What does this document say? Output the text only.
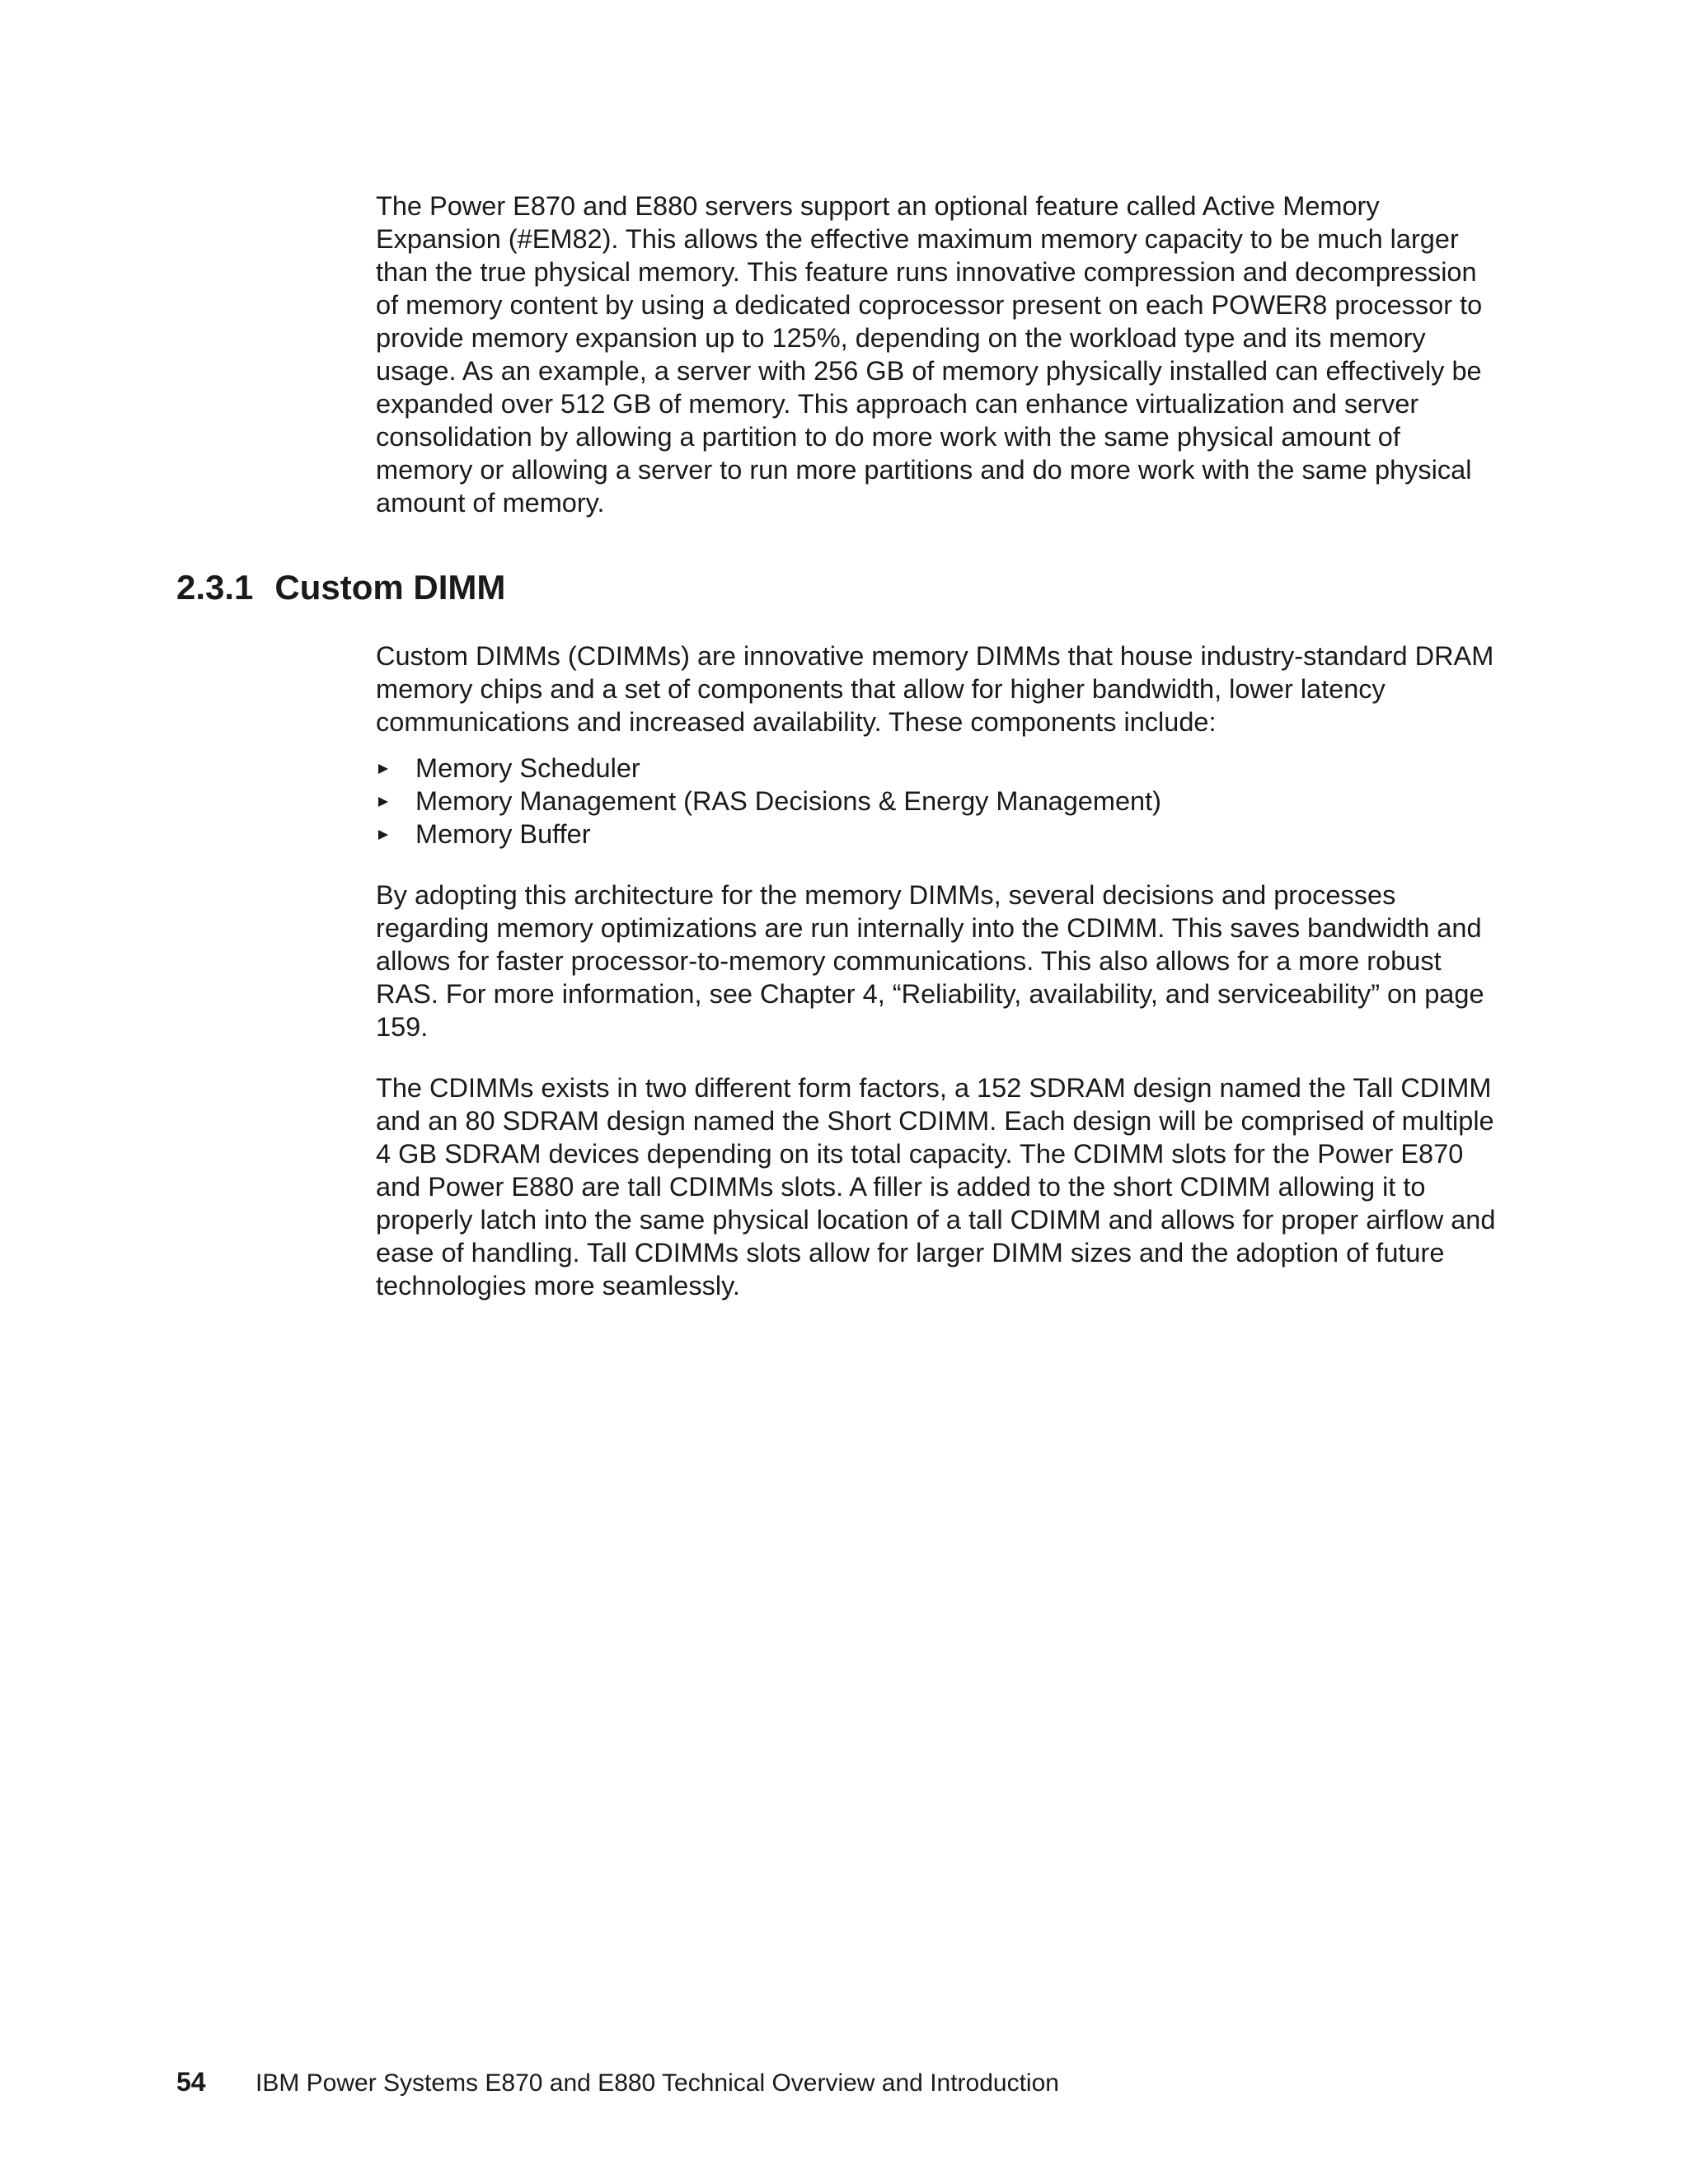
The Power E870 and E880 servers support an optional feature called Active Memory Expansion (#EM82). This allows the effective maximum memory capacity to be much larger than the true physical memory. This feature runs innovative compression and decompression of memory content by using a dedicated coprocessor present on each POWER8 processor to provide memory expansion up to 125%, depending on the workload type and its memory usage. As an example, a server with 256 GB of memory physically installed can effectively be expanded over 512 GB of memory. This approach can enhance virtualization and server consolidation by allowing a partition to do more work with the same physical amount of memory or allowing a server to run more partitions and do more work with the same physical amount of memory.

2.3.1 Custom DIMM

Custom DIMMs (CDIMMs) are innovative memory DIMMs that house industry-standard DRAM memory chips and a set of components that allow for higher bandwidth, lower latency communications and increased availability. These components include:

Memory Scheduler
Memory Management (RAS Decisions & Energy Management)
Memory Buffer

By adopting this architecture for the memory DIMMs, several decisions and processes regarding memory optimizations are run internally into the CDIMM. This saves bandwidth and allows for faster processor-to-memory communications. This also allows for a more robust RAS. For more information, see Chapter 4, “Reliability, availability, and serviceability” on page 159.

The CDIMMs exists in two different form factors, a 152 SDRAM design named the Tall CDIMM and an 80 SDRAM design named the Short CDIMM. Each design will be comprised of multiple 4 GB SDRAM devices depending on its total capacity. The CDIMM slots for the Power E870 and Power E880 are tall CDIMMs slots. A filler is added to the short CDIMM allowing it to properly latch into the same physical location of a tall CDIMM and allows for proper airflow and ease of handling. Tall CDIMMs slots allow for larger DIMM sizes and the adoption of future technologies more seamlessly.

54 IBM Power Systems E870 and E880 Technical Overview and Introduction
